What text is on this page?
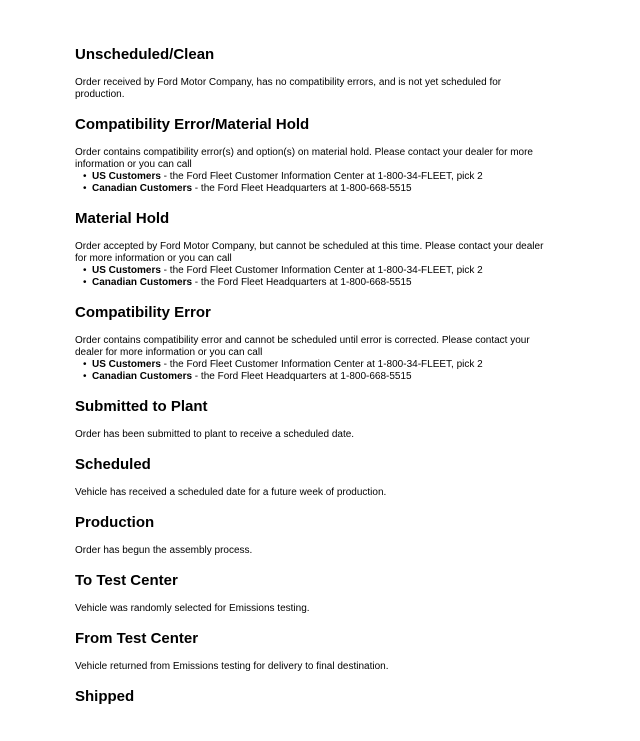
Unscheduled/Clean

Order received by Ford Motor Company, has no compatibility errors, and is not yet scheduled for production.

Compatibility Error/Material Hold

Order contains compatibility error(s) and option(s) on material hold. Please contact your dealer for more information or you can call

• US Customers - the Ford Fleet Customer Information Center at 1-800-34-FLEET, pick 2
• Canadian Customers - the Ford Fleet Headquarters at 1-800-668-5515
Material Hold

Order accepted by Ford Motor Company, but cannot be scheduled at this time. Please contact your dealer for more information or you can call

• US Customers - the Ford Fleet Customer Information Center at 1-800-34-FLEET, pick 2
• Canadian Customers - the Ford Fleet Headquarters at 1-800-668-5515
Compatibility Error

Order contains compatibility error and cannot be scheduled until error is corrected. Please contact your dealer for more information or you can call

• US Customers - the Ford Fleet Customer Information Center at 1-800-34-FLEET, pick 2
• Canadian Customers - the Ford Fleet Headquarters at 1-800-668-5515
Submitted to Plant

Order has been submitted to plant to receive a scheduled date.

Scheduled

Vehicle has received a scheduled date for a future week of production.

Production

Order has begun the assembly process.

To Test Center

Vehicle was randomly selected for Emissions testing.

From Test Center

Vehicle returned from Emissions testing for delivery to final destination.

Shipped
